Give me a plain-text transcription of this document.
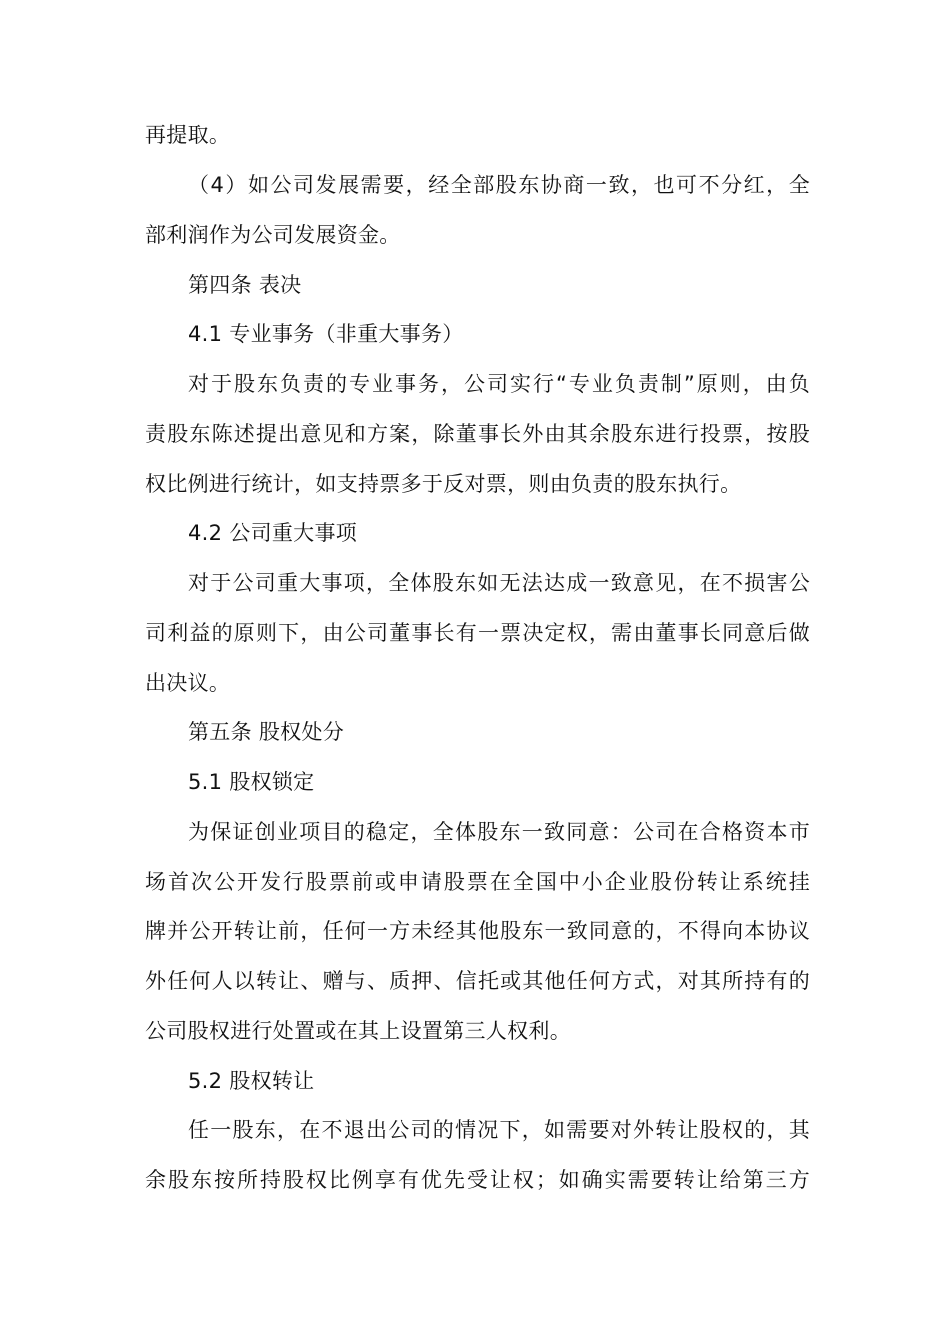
再提取。
（4）如公司发展需要，经全部股东协商一致，也可不分红，全
部利润作为公司发展资金。
第四条 表决
4.1 专业事务（非重大事务）
对于股东负责的专业事务，公司实行“专业负责制”原则，由负
责股东陈述提出意见和方案，除董事长外由其余股东进行投票，按股
权比例进行统计，如支持票多于反对票，则由负责的股东执行。
4.2 公司重大事项
对于公司重大事项，全体股东如无法达成一致意见，在不损害公
司利益的原则下，由公司董事长有一票决定权，需由董事长同意后做
出决议。
第五条 股权处分
5.1 股权锁定
为保证创业项目的稳定，全体股东一致同意：公司在合格资本市
场首次公开发行股票前或申请股票在全国中小企业股份转让系统挂
牌并公开转让前，任何一方未经其他股东一致同意的，不得向本协议
外任何人以转让、赠与、质押、信托或其他任何方式，对其所持有的
公司股权进行处置或在其上设置第三人权利。
5.2 股权转让
任一股东，在不退出公司的情况下，如需要对外转让股权的，其
余股东按所持股权比例享有优先受让权；如确实需要转让给第三方
